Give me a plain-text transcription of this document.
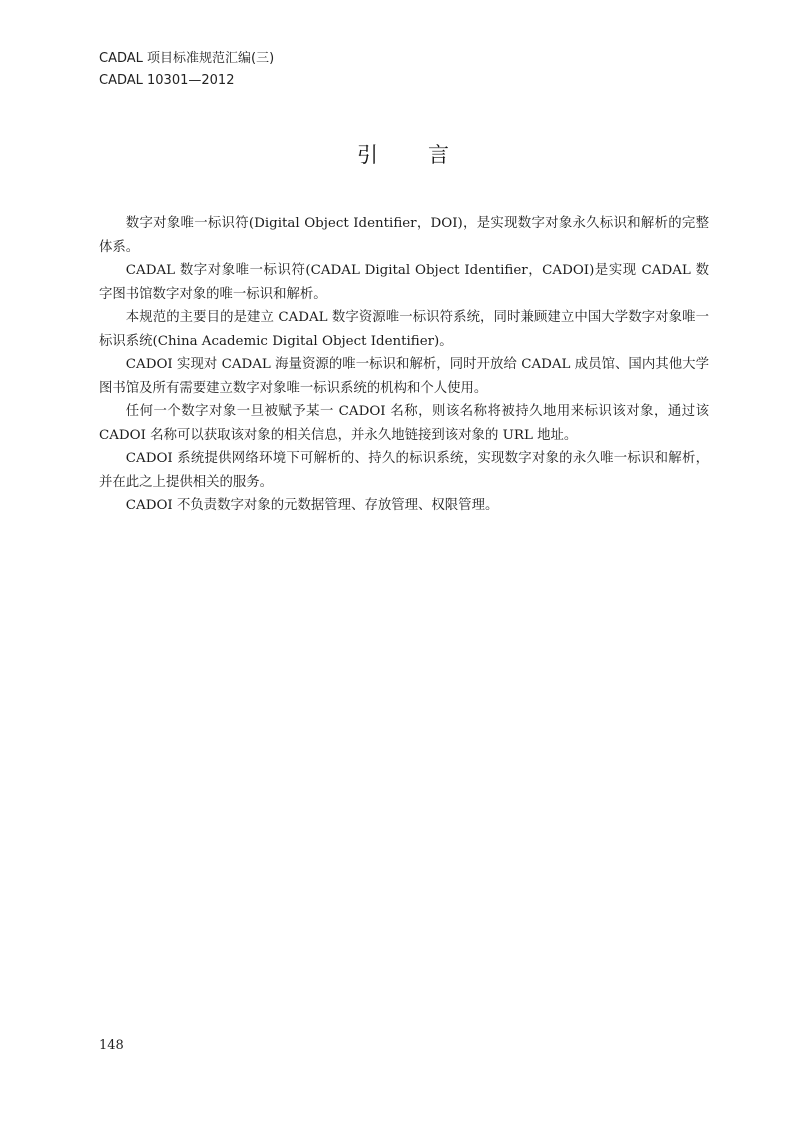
CADAL 项目标准规范汇编(三)
CADAL 10301—2012
引言

数字对象唯一标识符(Digital Object Identifier，DOI)，是实现数字对象永久标识和解析的完整体系。

CADAL 数字对象唯一标识符(CADAL Digital Object Identifier，CADOI)是实现 CADAL 数字图书馆数字对象的唯一标识和解析。

本规范的主要目的是建立 CADAL 数字资源唯一标识符系统，同时兼顾建立中国大学数字对象唯一标识系统(China Academic Digital Object Identifier)。

CADOI 实现对 CADAL 海量资源的唯一标识和解析，同时开放给 CADAL 成员馆、国内其他大学图书馆及所有需要建立数字对象唯一标识系统的机构和个人使用。

任何一个数字对象一旦被赋予某一 CADOI 名称，则该名称将被持久地用来标识该对象，通过该 CADOI 名称可以获取该对象的相关信息，并永久地链接到该对象的 URL 地址。

CADOI 系统提供网络环境下可解析的、持久的标识系统，实现数字对象的永久唯一标识和解析，并在此之上提供相关的服务。

CADOI 不负责数字对象的元数据管理、存放管理、权限管理。

148
